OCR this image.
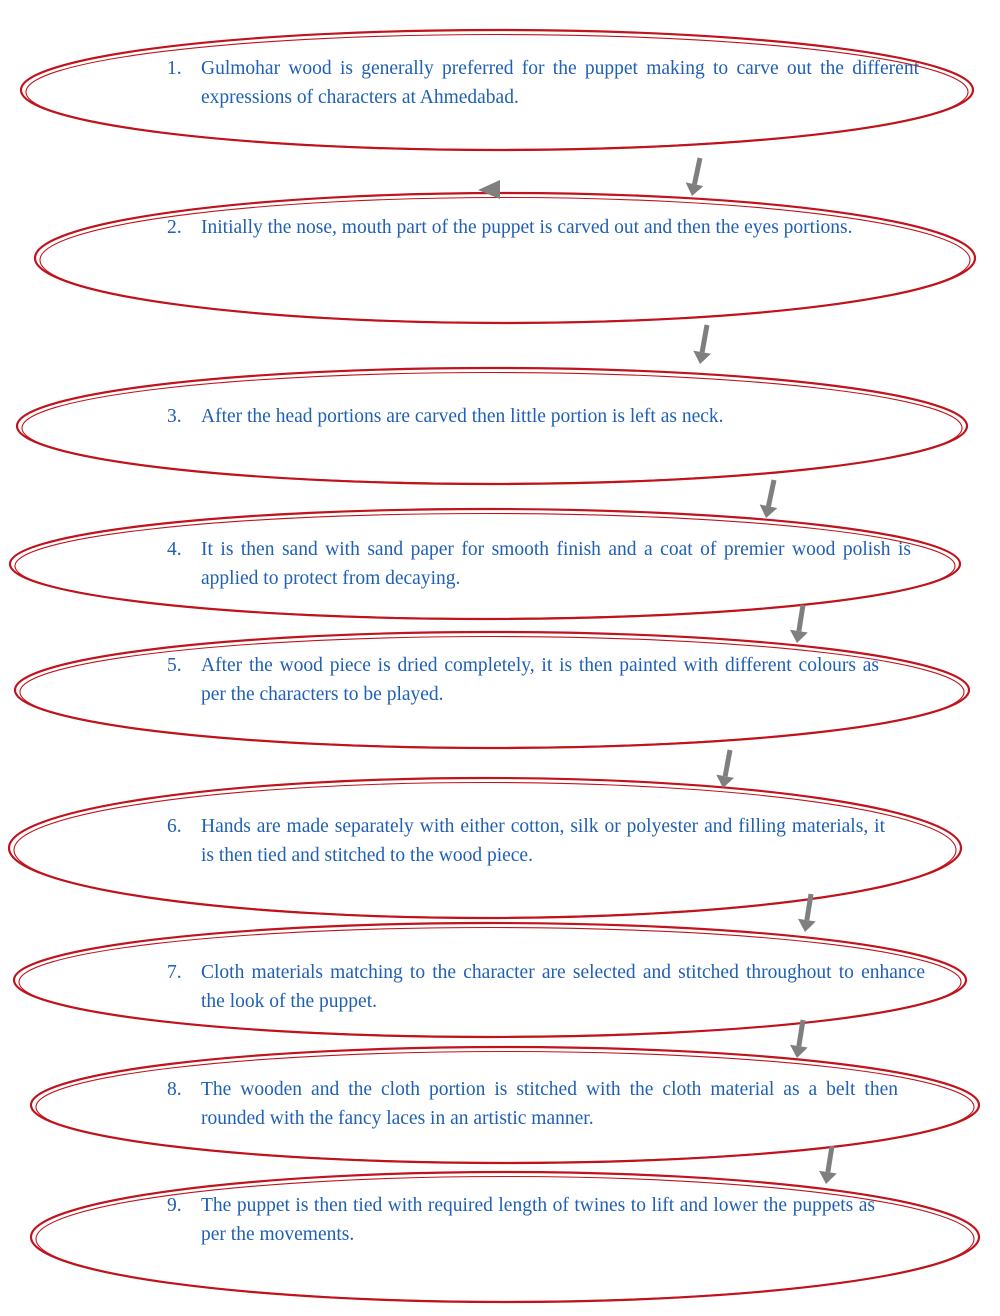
1. Gulmohar wood is generally preferred for the puppet making to carve out the different expressions of characters at Ahmedabad.
2. Initially the nose, mouth part of the puppet is carved out and then the eyes portions.
3. After the head portions are carved then little portion is left as neck.
4. It is then sand with sand paper for smooth finish and a coat of premier wood polish is applied to protect from decaying.
5. After the wood piece is dried completely, it is then painted with different colours as per the characters to be played.
6. Hands are made separately with either cotton, silk or polyester and filling materials, it is then tied and stitched to the wood piece.
7. Cloth materials matching to the character are selected and stitched throughout to enhance the look of the puppet.
8. The wooden and the cloth portion is stitched with the cloth material as a belt then rounded with the fancy laces in an artistic manner.
9. The puppet is then tied with required length of twines to lift and lower the puppets as per the movements.
